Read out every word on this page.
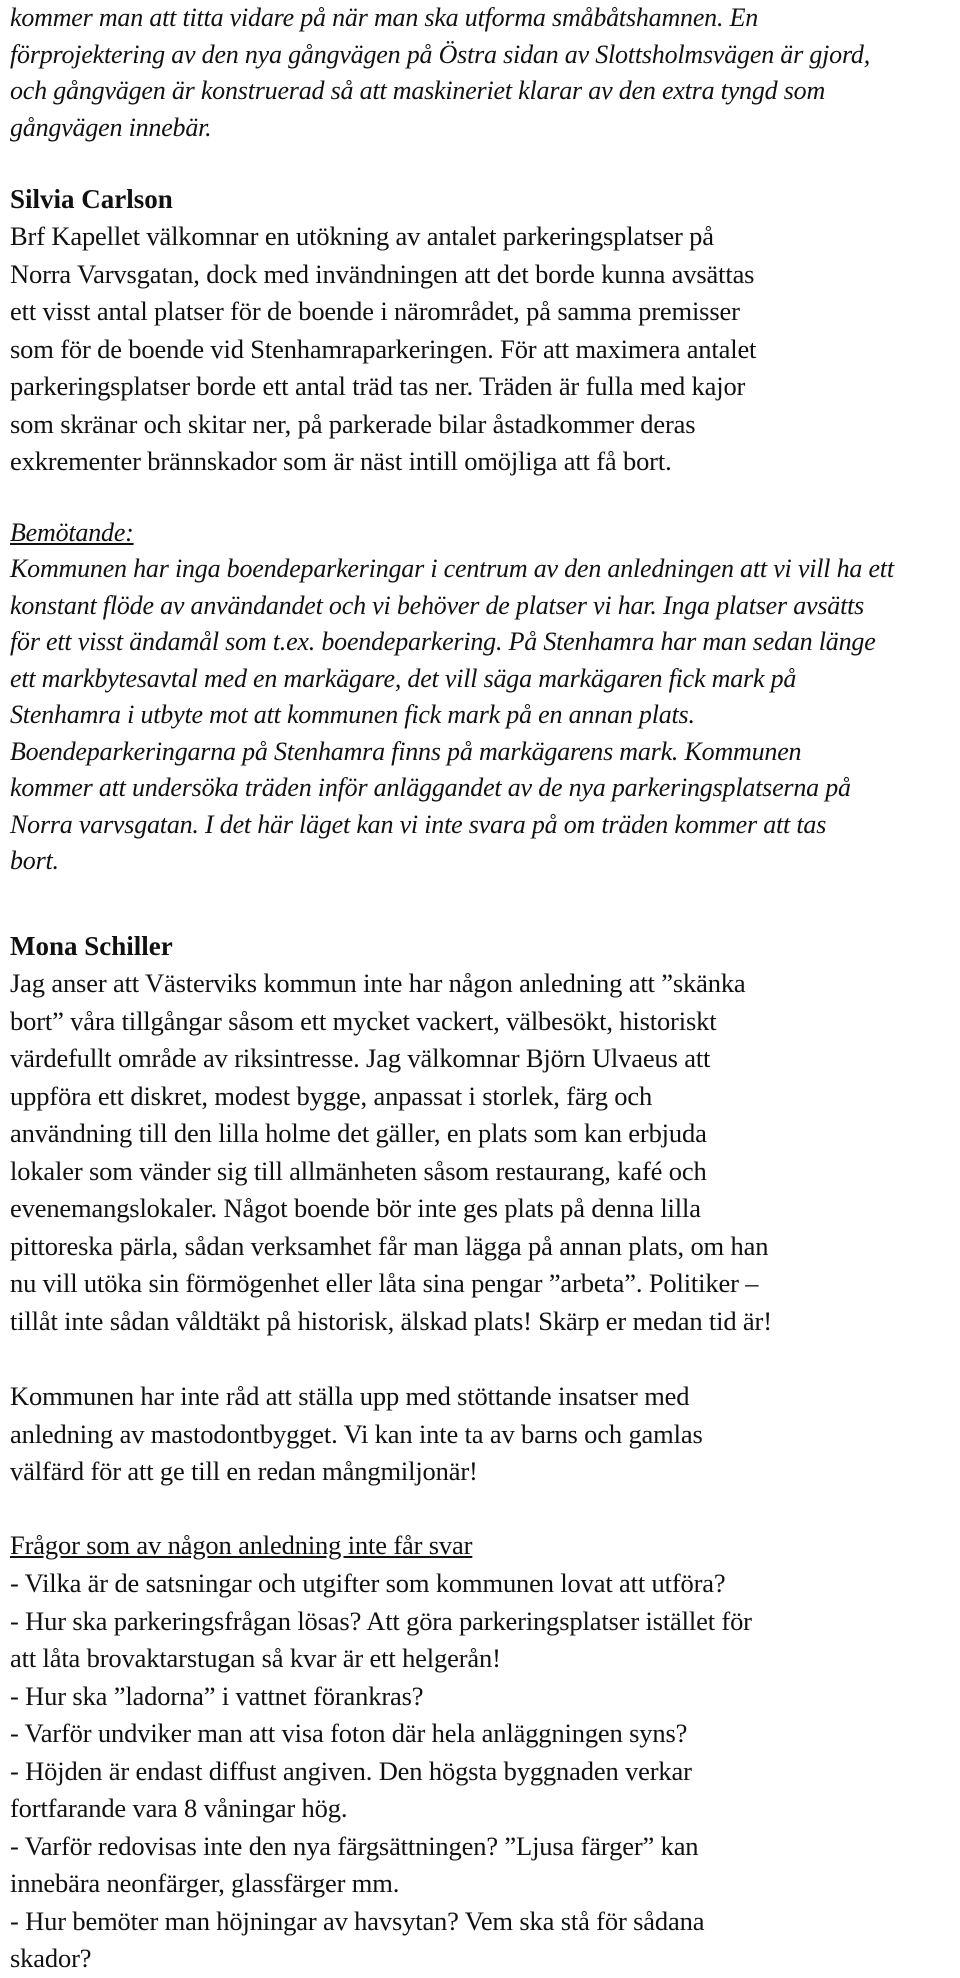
kommer man att titta vidare på när man ska utforma småbåtshamnen. En
förprojektering av den nya gångvägen på Östra sidan av Slottsholmsvägen är gjord,
och gångvägen är konstruerad så att maskineriet klarar av den extra tyngd som
gångvägen innebär.
Silvia Carlson
Brf Kapellet välkomnar en utökning av antalet parkeringsplatser på
Norra Varvsgatan, dock med invändningen att det borde kunna avsättas
ett visst antal platser för de boende i närområdet, på samma premisser
som för de boende vid Stenhamraparkeringen. För att maximera antalet
parkeringsplatser borde ett antal träd tas ner. Träden är fulla med kajor
som skränar och skitar ner, på parkerade bilar åstadkommer deras
exkrementer brännskador som är näst intill omöjliga att få bort.
Bemötande:
Kommunen har inga boendeparkeringar i centrum av den anledningen att vi vill ha ett
konstant flöde av användandet och vi behöver de platser vi har. Inga platser avsätts
för ett visst ändamål som t.ex. boendeparkering. På Stenhamra har man sedan länge
ett markbytesavtal med en markägare, det vill säga markägaren fick mark på
Stenhamra i utbyte mot att kommunen fick mark på en annan plats.
Boendeparkeringarna på Stenhamra finns på markägarens mark. Kommunen
kommer att undersöka träden inför anläggandet av de nya parkeringsplatserna på
Norra varvsgatan. I det här läget kan vi inte svara på om träden kommer att tas
bort.
Mona Schiller
Jag anser att Västerviks kommun inte har någon anledning att ”skänka
bort” våra tillgångar såsom ett mycket vackert, välbesökt, historiskt
värdefullt område av riksintresse. Jag välkomnar Björn Ulvaeus att
uppföra ett diskret, modest bygge, anpassat i storlek, färg och
användning till den lilla holme det gäller, en plats som kan erbjuda
lokaler som vänder sig till allmänheten såsom restaurang, kafé och
evenemangslokaler. Något boende bör inte ges plats på denna lilla
pittoreska pärla, sådan verksamhet får man lägga på annan plats, om han
nu vill utöka sin förmögenhet eller låta sina pengar ”arbeta”. Politiker –
tillåt inte sådan våldtäkt på historisk, älskad plats! Skärp er medan tid är!
Kommunen har inte råd att ställa upp med stöttande insatser med
anledning av mastodontbygget. Vi kan inte ta av barns och gamlas
välfärd för att ge till en redan mångmiljonär!
Frågor som av någon anledning inte får svar
- Vilka är de satsningar och utgifter som kommunen lovat att utföra?
- Hur ska parkeringsfrågan lösas? Att göra parkeringsplatser istället för
att låta brovaktarstugan så kvar är ett helgerån!
- Hur ska ”ladorna” i vattnet förankras?
- Varför undviker man att visa foton där hela anläggningen syns?
- Höjden är endast diffust angiven. Den högsta byggnaden verkar
fortfarande vara 8 våningar hög.
- Varför redovisas inte den nya färgsättningen? ”Ljusa färger” kan
innebära neonfärger, glassfärger mm.
- Hur bemöter man höjningar av havsytan? Vem ska stå för sådana
skador?
